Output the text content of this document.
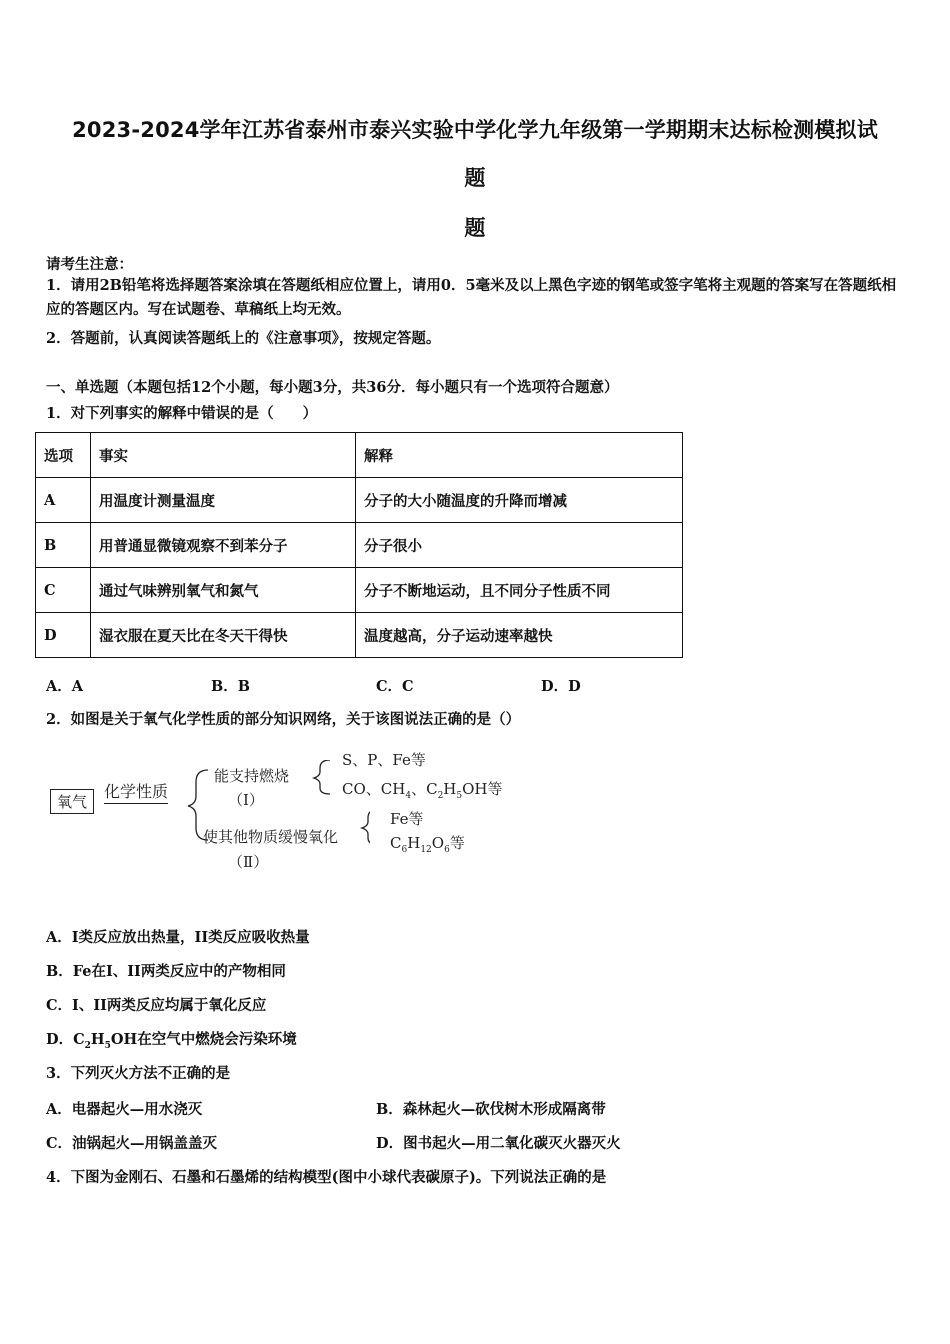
2023-2024学年江苏省泰州市泰兴实验中学化学九年级第一学期期末达标检测模拟试
题
题
请考生注意：
1．请用2B铅笔将选择题答案涂填在答题纸相应位置上，请用0．5毫米及以上黑色字迹的钢笔或签字笔将主观题的答案写在答题纸相应的答题区内。写在试题卷、草稿纸上均无效。
2．答题前，认真阅读答题纸上的《注意事项》，按规定答题。
一、单选题（本题包括12个小题，每小题3分，共36分．每小题只有一个选项符合题意）
1．对下列事实的解释中错误的是（　　）
选项	事实	解释
A	用温度计测量温度	分子的大小随温度的升降而增减
B	用普通显微镜观察不到苯分子	分子很小
C	通过气味辨别氧气和氮气	分子不断地运动，且不同分子性质不同
D	湿衣服在夏天比在冬天干得快	温度越高，分子运动速率越快
A．A	B．B	C．C	D．D
2．如图是关于氧气化学性质的部分知识网络，关于该图说法正确的是（）
氧气
化学性质
能支持燃烧
（Ⅰ）
S、P、Fe等
CO、$CH_4$、$C_2H_5OH$等
使其他物质缓慢氧化
（Ⅱ）
Fe等
$C_6H_{12}O_6$等
A．I类反应放出热量，II类反应吸收热量
B．Fe在I、II两类反应中的产物相同
C．I、II两类反应均属于氧化反应
D．$C_2H_5OH$在空气中燃烧会污染环境
3．下列灭火方法不正确的是
A．电器起火—用水浇灭	B．森林起火—砍伐树木形成隔离带
C．油锅起火—用锅盖盖灭	D．图书起火—用二氧化碳灭火器灭火
4．下图为金刚石、石墨和石墨烯的结构模型(图中小球代表碳原子)。下列说法正确的是
